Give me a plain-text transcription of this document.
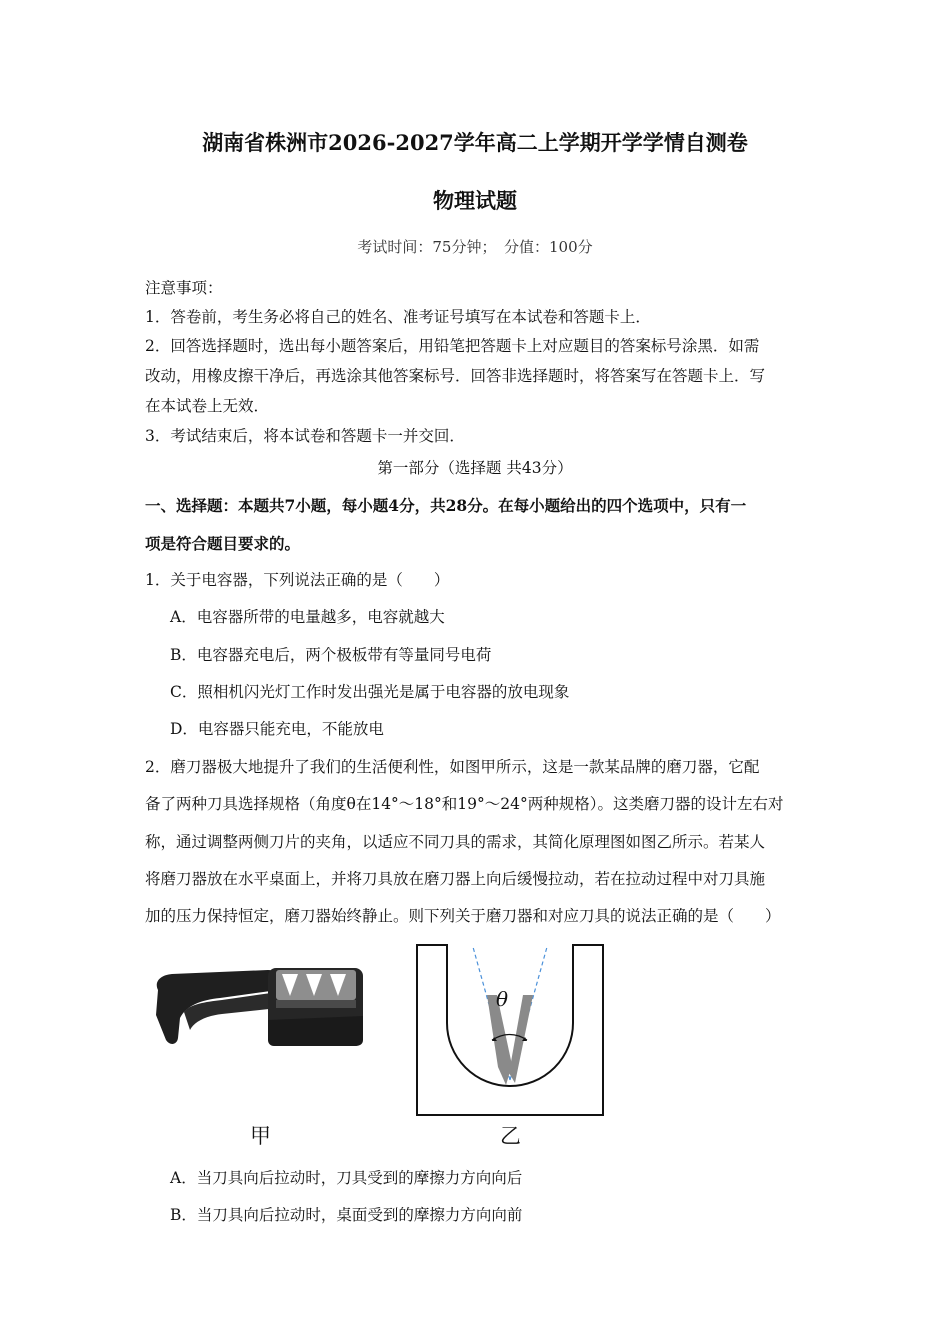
湖南省株洲市2026-2027学年高二上学期开学学情自测卷
物理试题
考试时间：75分钟；　分值：100分
注意事项：
1．答卷前，考生务必将自己的姓名、准考证号填写在本试卷和答题卡上．
2．回答选择题时，选出每小题答案后，用铅笔把答题卡上对应题目的答案标号涂黑．如需
改动，用橡皮擦干净后，再选涂其他答案标号．回答非选择题时，将答案写在答题卡上．写
在本试卷上无效．
3．考试结束后，将本试卷和答题卡一并交回．
第一部分（选择题 共43分）
一、选择题：本题共7小题，每小题4分，共28分。在每小题给出的四个选项中，只有一
项是符合题目要求的。
1．关于电容器，下列说法正确的是（　　）
A．电容器所带的电量越多，电容就越大
B．电容器充电后，两个极板带有等量同号电荷
C．照相机闪光灯工作时发出强光是属于电容器的放电现象
D．电容器只能充电，不能放电
2．磨刀器极大地提升了我们的生活便利性，如图甲所示，这是一款某品牌的磨刀器，它配
备了两种刀具选择规格（角度θ在14°～18°和19°～24°两种规格）。这类磨刀器的设计左右对
称，通过调整两侧刀片的夹角，以适应不同刀具的需求，其简化原理图如图乙所示。若某人
将磨刀器放在水平桌面上，并将刀具放在磨刀器上向后缓慢拉动，若在拉动过程中对刀具施
加的压力保持恒定，磨刀器始终静止。则下列关于磨刀器和对应刀具的说法正确的是（　　）
甲
θ
乙
A．当刀具向后拉动时，刀具受到的摩擦力方向向后
B．当刀具向后拉动时，桌面受到的摩擦力方向向前
